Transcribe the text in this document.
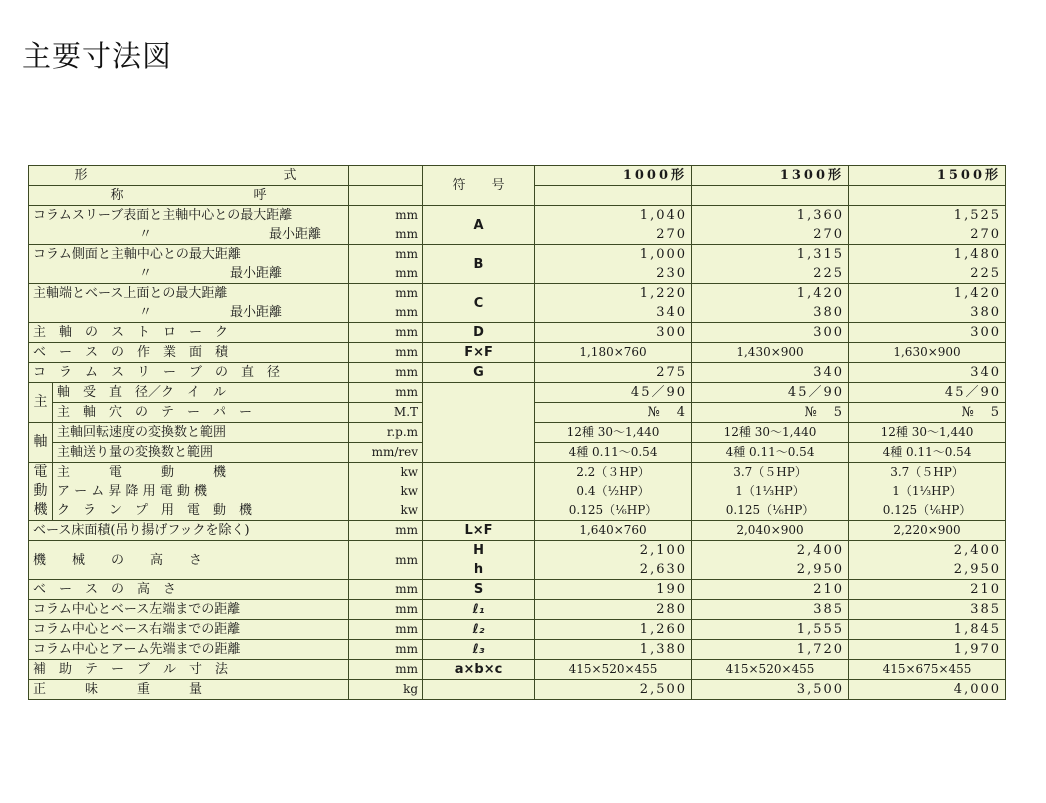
主要寸法図
形　　　　　　　　　　式			符　　号	1000形	1300形	1500形
称　　　　　　　　　　呼						
コラムスリーブ表面と主軸中心との最大距離		mm	A	1,040	1,360	1,525
〃　　　　　　　　　最小距離		mm		270	270	270
コラム側面と主軸中心との最大距離		mm	B	1,000	1,315	1,480
〃　　　　　　最小距離		mm		230	225	225
主軸端とベース上面との最大距離		mm	C	1,220	1,420	1,420
〃　　　　　　最小距離		mm		340	380	380
主　軸　の　ス　ト　ロ　ー　ク		mm	D	300	300	300
ベ　ー　ス　の　作　業　面　積		mm	F×F	1,180×760	1,430×900	1,630×900
コ　ラ　ム　ス　リ　ー　ブ　の　直　径		mm	G	275	340	340
主	軸　受　直　径／ク　イ　ル	mm		45／90	45／90	45／90
	主　軸　穴　の　テ　ー　パ　ー	M.T		№　4	№　5	№　5
軸	主軸回転速度の変換数と範囲	r.p.m		12種 30～1,440	12種 30～1,440	12種 30～1,440
	主軸送り量の変換数と範囲	mm/rev		4種 0.11～0.54	4種 0.11～0.54	4種 0.11～0.54
電	主　　　電　　　動　　　機	kw		2.2（３HP）	3.7（５HP）	3.7（５HP）
動	ア ー ム 昇 降 用 電 動 機	kw		0.4（½HP）	1（1⅓HP）	1（1⅓HP）
機	ク　ラ　ン　プ　用　電　動　機	kw		0.125（⅙HP）	0.125（⅙HP）	0.125（⅙HP）
ベース床面積(吊り揚げフックを除く)		mm	L×F	1,640×760	2,040×900	2,220×900
機　　械　　の　　高　　さ		mm	H	2,100	2,400	2,400
			h	2,630	2,950	2,950
ベ　ー　ス　の　高　さ		mm	S	190	210	210
コラム中心とベース左端までの距離		mm	ℓ₁	280	385	385
コラム中心とベース右端までの距離		mm	ℓ₂	1,260	1,555	1,845
コラム中心とアーム先端までの距離		mm	ℓ₃	1,380	1,720	1,970
補　助　テ　ー　ブ　ル　寸　法		mm	a×b×c	415×520×455	415×520×455	415×675×455
正　　　味　　　重　　　量		kg		2,500	3,500	4,000
